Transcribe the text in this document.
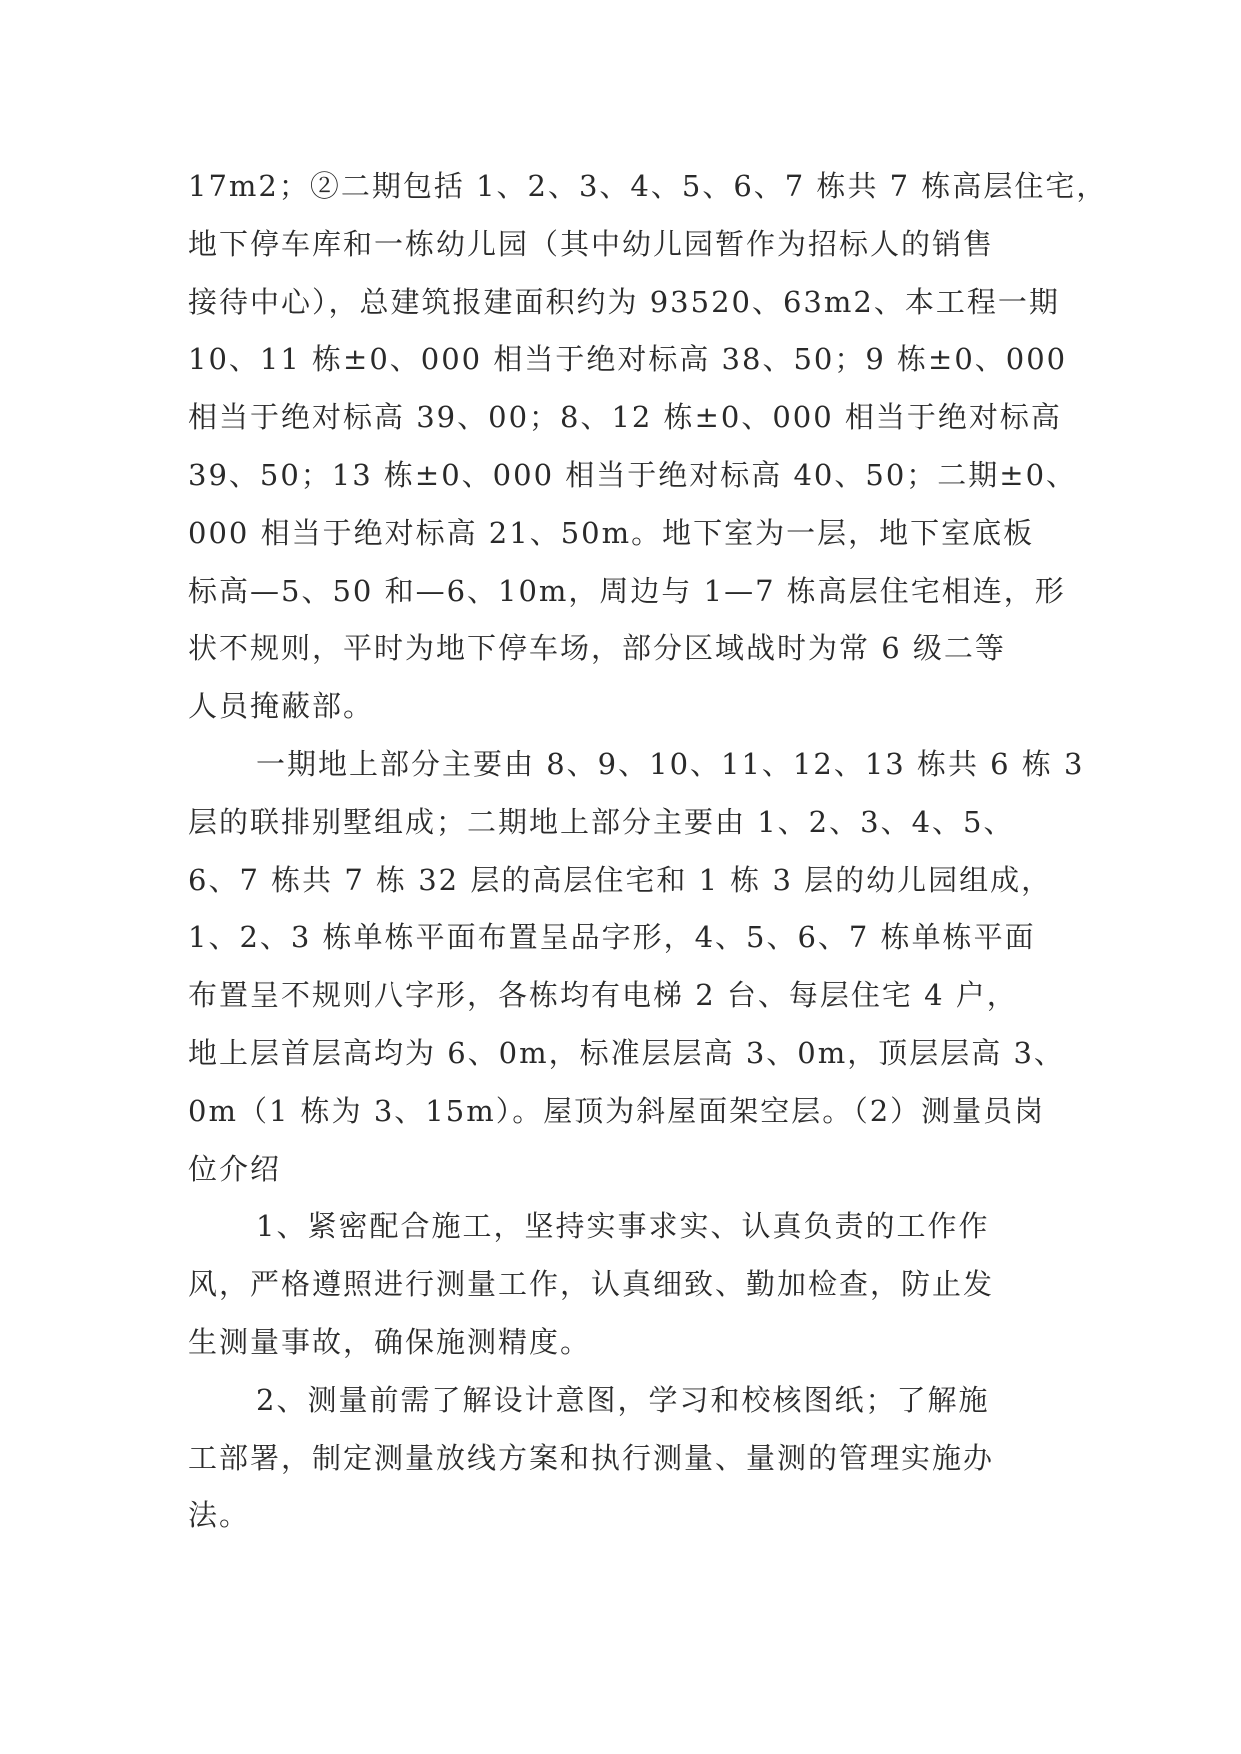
17m2；②二期包括 1、2、3、4、5、6、7 栋共 7 栋高层住宅，
地下停车库和一栋幼儿园（其中幼儿园暂作为招标人的销售
接待中心），总建筑报建面积约为 93520、63m2、本工程一期
10、11 栋±0、000 相当于绝对标高 38、50；9 栋±0、000
相当于绝对标高 39、00；8、12 栋±0、000 相当于绝对标高
39、50；13 栋±0、000 相当于绝对标高 40、50；二期±0、
000 相当于绝对标高 21、50m。地下室为一层，地下室底板
标高—5、50 和—6、10m，周边与 1—7 栋高层住宅相连，形
状不规则，平时为地下停车场，部分区域战时为常 6 级二等
人员掩蔽部。
一期地上部分主要由 8、9、10、11、12、13 栋共 6 栋 3
层的联排别墅组成；二期地上部分主要由 1、2、3、4、5、
6、7 栋共 7 栋 32 层的高层住宅和 1 栋 3 层的幼儿园组成，
1、2、3 栋单栋平面布置呈品字形，4、5、6、7 栋单栋平面
布置呈不规则八字形，各栋均有电梯 2 台、每层住宅 4 户，
地上层首层高均为 6、0m，标准层层高 3、0m，顶层层高 3、
0m（1 栋为 3、15m）。屋顶为斜屋面架空层。（2）测量员岗
位介绍
1、紧密配合施工，坚持实事求实、认真负责的工作作
风，严格遵照进行测量工作，认真细致、勤加检查，防止发
生测量事故，确保施测精度。
2、测量前需了解设计意图，学习和校核图纸；了解施
工部署，制定测量放线方案和执行测量、量测的管理实施办
法。
